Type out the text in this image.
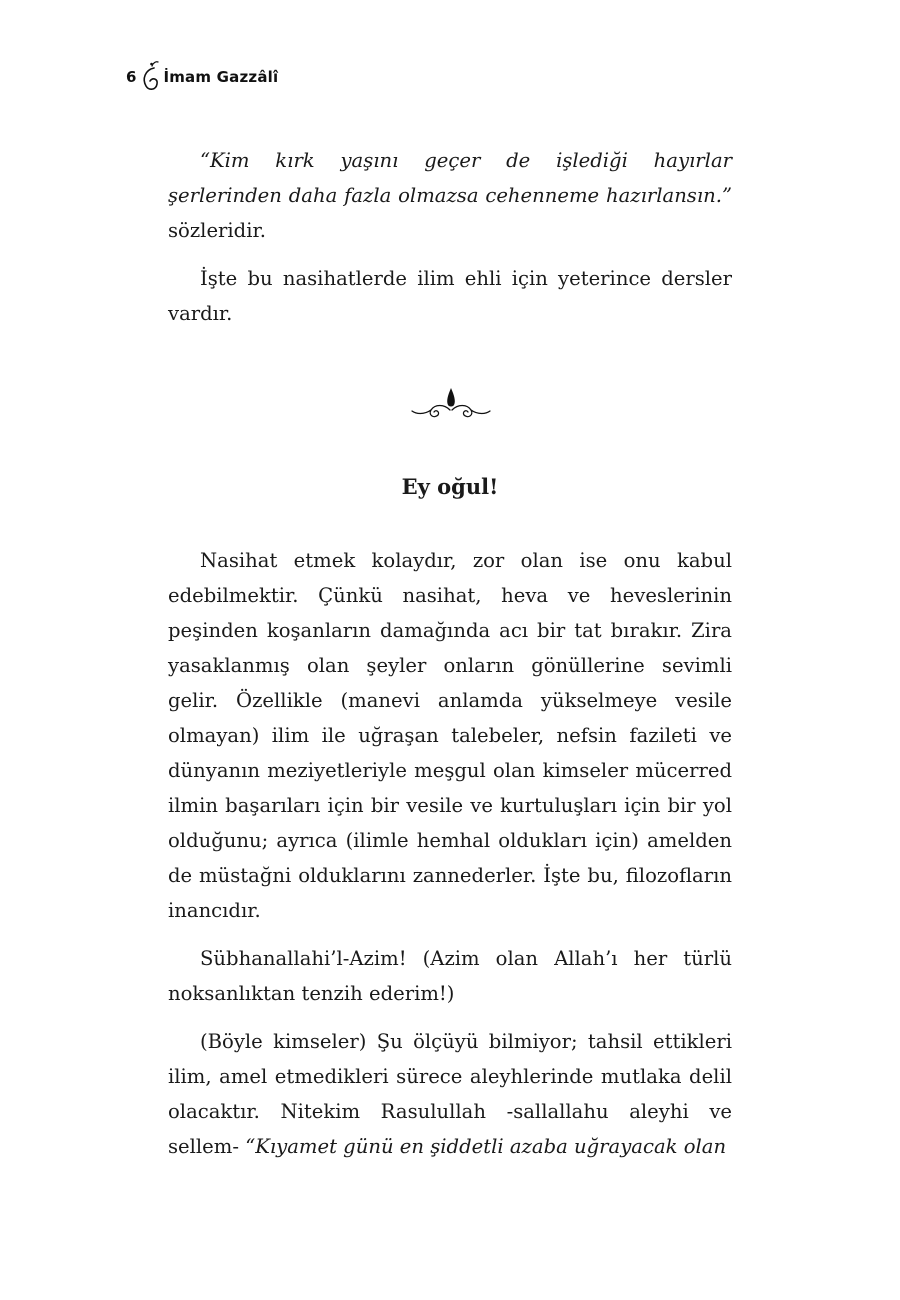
6 İmam Gazzâlî

“Kim kırk yaşını geçer de işlediği hayırlar şerlerinden daha fazla olmazsa cehenneme hazırlansın.” sözleridir.

İşte bu nasihatlerde ilim ehli için yeterince dersler vardır.

Ey oğul!

Nasihat etmek kolaydır, zor olan ise onu kabul edebilmektir. Çünkü nasihat, heva ve heveslerinin peşinden koşanların damağında acı bir tat bırakır. Zira yasaklanmış olan şeyler onların gönüllerine sevimli gelir. Özellikle (manevi anlamda yükselmeye vesile olmayan) ilim ile uğraşan talebeler, nefsin fazileti ve dünyanın meziyetleriyle meşgul olan kimseler mücerred ilmin başarıları için bir vesile ve kurtuluşları için bir yol olduğunu; ayrıca (ilimle hemhal oldukları için) amelden de müstağni olduklarını zannederler. İşte bu, filozofların inancıdır.

Sübhanallahi’l-Azim! (Azim olan Allah’ı her türlü noksanlıktan tenzih ederim!)

(Böyle kimseler) Şu ölçüyü bilmiyor; tahsil ettikleri ilim, amel etmedikleri sürece aleyhlerinde mutlaka delil olacaktır. Nitekim Rasulullah -sallallahu aleyhi ve sellem- “Kıyamet günü en şiddetli azaba uğrayacak olan
